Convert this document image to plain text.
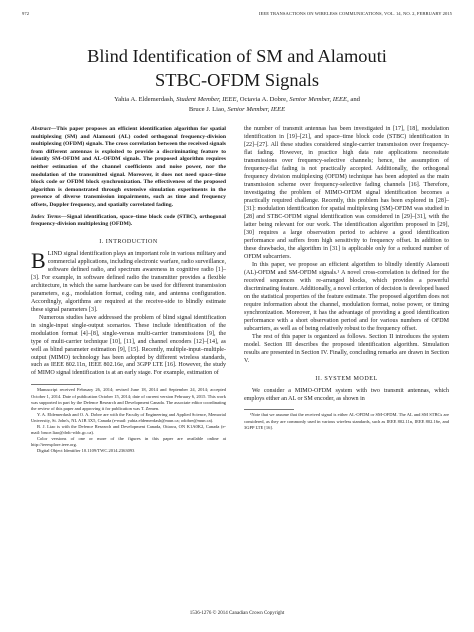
972	IEEE TRANSACTIONS ON WIRELESS COMMUNICATIONS, VOL. 14, NO. 2, FEBRUARY 2015
Blind Identification of SM and Alamouti
STBC-OFDM Signals
Yahia A. Eldemerdash, Student Member, IEEE, Octavia A. Dobre, Senior Member, IEEE, and
Bruce J. Liao, Senior Member, IEEE

Abstract—This paper proposes an efficient identification algorithm for spatial multiplexing (SM) and Alamouti (AL) coded orthogonal frequency-division multiplexing (OFDM) signals. The cross correlation between the received signals from different antennas is exploited to provide a discriminating feature to identify SM-OFDM and AL-OFDM signals. The proposed algorithm requires neither estimation of the channel coefficients and noise power, nor the modulation of the transmitted signal. Moreover, it does not need space–time block code or OFDM block synchronization. The effectiveness of the proposed algorithm is demonstrated through extensive simulation experiments in the presence of diverse transmission impairments, such as time and frequency offsets, Doppler frequency, and spatially correlated fading.

Index Terms—Signal identification, space–time block code (STBC), orthogonal frequency-division multiplexing (OFDM).

I. INTRODUCTION

BLIND signal identification plays an important role in various military and commercial applications, including electronic warfare, radio surveillance, software defined radio, and spectrum awareness in cognitive radio [1]–[3]. For example, in software defined radio the transmitter provides a flexible architecture, in which the same hardware can be used for different transmission parameters, e.g., modulation format, coding rate, and antenna configuration. Accordingly, algorithms are required at the receive-side to blindly estimate these signal parameters [3].

Numerous studies have addressed the problem of blind signal identification in single-input single-output scenarios. These include identification of the modulation format [4]–[8], single-versus multi-carrier transmissions [9], the type of multi-carrier technique [10], [11], and channel encoders [12]–[14], as well as blind parameter estimation [9], [15]. Recently, multiple-input–multiple-output (MIMO) technology has been adopted by different wireless standards, such as IEEE 802.11n, IEEE 802.16e, and 3GPP LTE [16]. However, the study of MIMO signal identification is at an early stage. For example, estimation of

Manuscript received February 26, 2014; revised June 18, 2014 and September 24, 2014; accepted October 1, 2014. Date of publication October 15, 2014; date of current version February 6, 2015. This work was supported in part by the Defence Research and Development Canada. The associate editor coordinating the review of this paper and approving it for publication was T. Zemen.

Y. A. Eldemerdash and O. A. Dobre are with the Faculty of Engineering and Applied Science, Memorial University, St. John's, NL A1B 3X5, Canada (e-mail: yahia.eldemerdash@mun.ca; odobre@mun.ca).

B. J. Liao is with the Defence Research and Development Canada, Ottawa, ON K1A0K2, Canada (e-mail: bruce.liao@drdc-rddc.gc.ca).

Color versions of one or more of the figures in this paper are available online at http://ieeexplore.ieee.org.

Digital Object Identifier 10.1109/TWC.2014.2363093

the number of transmit antennas has been investigated in [17], [18], modulation identification in [19]–[21], and space–time block code (STBC) identification in [22]–[27]. All these studies considered single-carrier transmission over frequency-flat fading. However, in practice high data rate applications necessitate transmissions over frequency-selective channels; hence, the assumption of frequency-flat fading is not practically accepted. Additionally, the orthogonal frequency division multiplexing (OFDM) technique has been adopted as the main transmission scheme over frequency-selective fading channels [16]. Therefore, investigating the problem of MIMO-OFDM signal identification becomes a practically required challenge. Recently, this problem has been explored in [28]–[31]: modulation identification for spatial multiplexing (SM)-OFDM was studied in [28] and STBC-OFDM signal identification was considered in [29]–[31], with the latter being relevant for our work. The identification algorithm proposed in [29], [30] requires a large observation period to achieve a good identification performance and suffers from high sensitivity to frequency offset. In addition to these drawbacks, the algorithm in [31] is applicable only for a reduced number of OFDM subcarriers.

In this paper, we propose an efficient algorithm to blindly identify Alamouti (AL)-OFDM and SM-OFDM signals.¹ A novel cross-correlation is defined for the received sequences with re-arranged blocks, which provides a powerful discriminating feature. Additionally, a novel criterion of decision is developed based on the statistical properties of the feature estimate. The proposed algorithm does not require information about the channel, modulation format, noise power, or timing synchronization. Moreover, it has the advantage of providing a good identification performance with a short observation period and for various numbers of OFDM subcarriers, as well as of being relatively robust to the frequency offset.

The rest of this paper is organized as follows. Section II introduces the system model. Section III describes the proposed identification algorithm. Simulation results are presented in Section IV. Finally, concluding remarks are drawn in Section V.

II. SYSTEM MODEL

We consider a MIMO-OFDM system with two transmit antennas, which employs either an AL or SM encoder, as shown in

¹Note that we assume that the received signal is either AL-OFDM or SM-OFDM. The AL and SM STBCs are considered, as they are commonly used in various wireless standards, such as IEEE 802.11n, IEEE 802.16e, and 3GPP LTE [16].

1536-1276 © 2014 Canadian Crown Copyright
